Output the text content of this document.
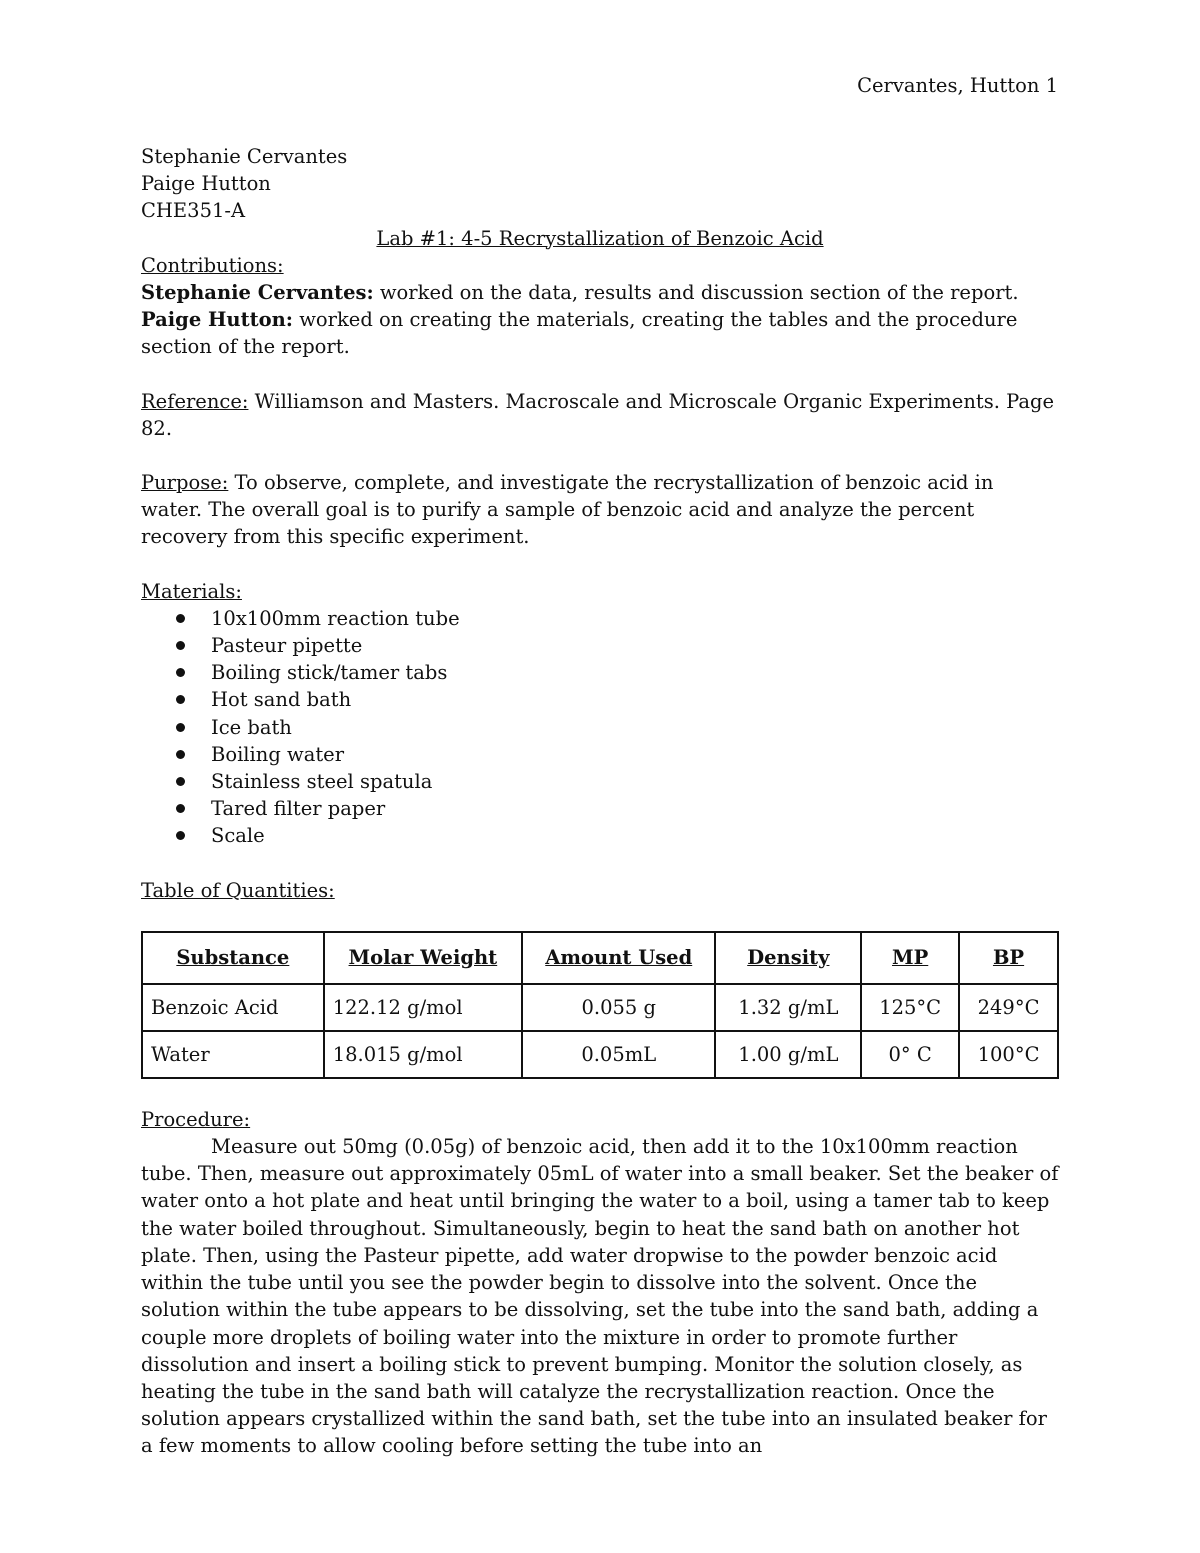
Cervantes, Hutton 1

Stephanie Cervantes

Paige Hutton

CHE351-A

Lab #1: 4-5 Recrystallization of Benzoic Acid

Contributions:

Stephanie Cervantes: worked on the data, results and discussion section of the report.

Paige Hutton: worked on creating the materials, creating the tables and the procedure section of the report.

Reference: Williamson and Masters. Macroscale and Microscale Organic Experiments. Page 82.

Purpose: To observe, complete, and investigate the recrystallization of benzoic acid in water. The overall goal is to purify a sample of benzoic acid and analyze the percent recovery from this specific experiment.

Materials:

10x100mm reaction tube
Pasteur pipette
Boiling stick/tamer tabs
Hot sand bath
Ice bath
Boiling water
Stainless steel spatula
Tared filter paper
Scale

Table of Quantities:

Substance	Molar Weight	Amount Used	Density	MP	BP
Benzoic Acid	122.12 g/mol	0.055 g	1.32 g/mL	125°C	249°C
Water	18.015 g/mol	0.05mL	1.00 g/mL	0° C	100°C

Procedure:

Measure out 50mg (0.05g) of benzoic acid, then add it to the 10x100mm reaction tube. Then, measure out approximately 05mL of water into a small beaker. Set the beaker of water onto a hot plate and heat until bringing the water to a boil, using a tamer tab to keep the water boiled throughout. Simultaneously, begin to heat the sand bath on another hot plate. Then, using the Pasteur pipette, add water dropwise to the powder benzoic acid within the tube until you see the powder begin to dissolve into the solvent. Once the solution within the tube appears to be dissolving, set the tube into the sand bath, adding a couple more droplets of boiling water into the mixture in order to promote further dissolution and insert a boiling stick to prevent bumping. Monitor the solution closely, as heating the tube in the sand bath will catalyze the recrystallization reaction. Once the solution appears crystallized within the sand bath, set the tube into an insulated beaker for a few moments to allow cooling before setting the tube into an
